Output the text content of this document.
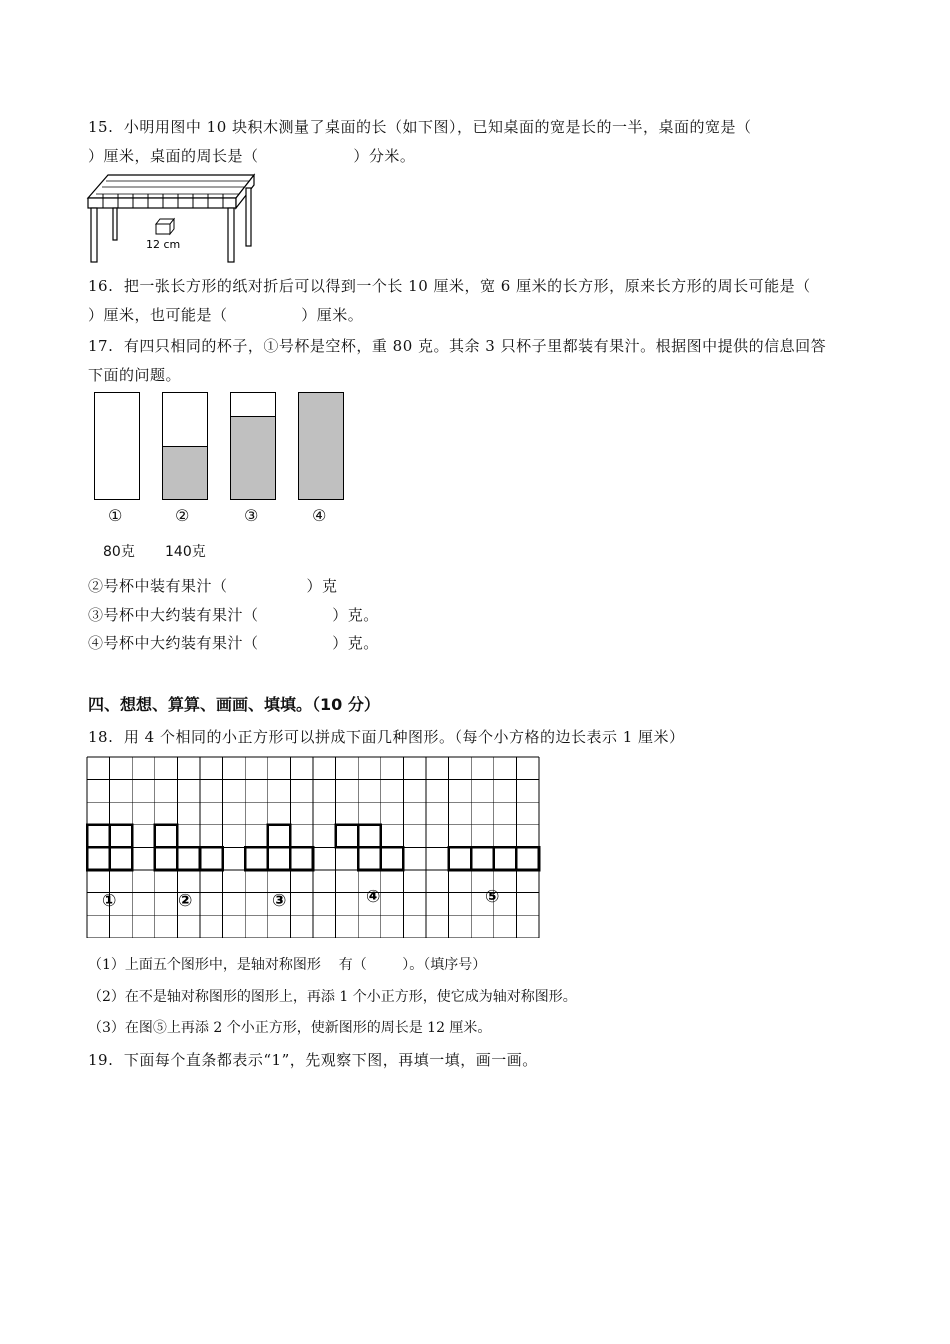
15.  小明用图中 10 块积木测量了桌面的长（如下图），已知桌面的宽是长的一半，桌面的宽是（
）厘米，桌面的周长是（                  ）分米。
12 cm
16.  把一张长方形的纸对折后可以得到一个长 10 厘米，宽 6 厘米的长方形，原来长方形的周长可能是（
）厘米，也可能是（              ）厘米。
17.  有四只相同的杯子，①号杯是空杯，重 80 克。其余 3 只杯子里都装有果汁。根据图中提供的信息回答
下面的问题。
①	②	③	④
80克 140克
②号杯中装有果汁（               ）克
③号杯中大约装有果汁（              ）克。
④号杯中大约装有果汁（              ）克。
四、想想、算算、画画、填填。（10 分）
18.  用 4 个相同的小正方形可以拼成下面几种图形。（每个小方格的边长表示 1 厘米）
①	②	③	④	⑤
（1）上面五个图形中，是轴对称图形    有（        ）。（填序号）
（2）在不是轴对称图形的图形上，再添 1 个小正方形，使它成为轴对称图形。
（3）在图⑤上再添 2 个小正方形，使新图形的周长是 12 厘米。
19.  下面每个直条都表示“1”，先观察下图，再填一填，画一画。
